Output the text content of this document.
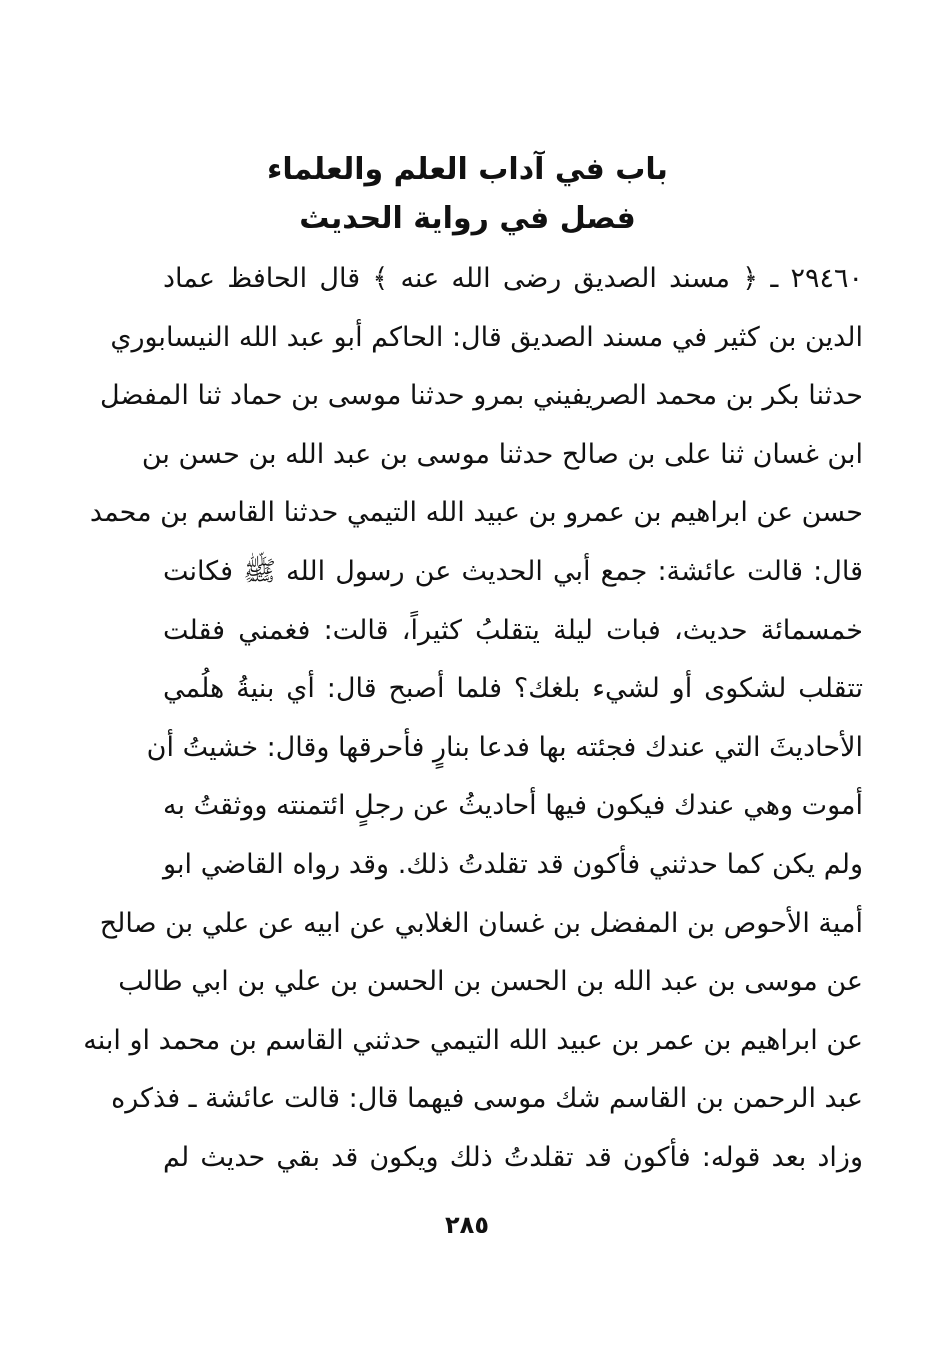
باب في آداب العلم والعلماء
فصل في رواية الحديث
٢٩٤٦٠ ـ ﴿ مسند الصديق رضى الله عنه ﴾ قال الحافظ عماد
الدين بن كثير في مسند الصديق قال: الحاكم أبو عبد الله النيسابوري
حدثنا بكر بن محمد الصريفيني بمرو حدثنا موسى بن حماد ثنا المفضل
ابن غسان ثنا على بن صالح حدثنا موسى بن عبد الله بن حسن بن
حسن عن ابراهيم بن عمرو بن عبيد الله التيمي حدثنا القاسم بن محمد
قال: قالت عائشة: جمع أبي الحديث عن رسول الله ﷺ فكانت
خمسمائة حديث، فبات ليلة يتقلبُ كثيراً، قالت: فغمني فقلت
تتقلب لشكوى أو لشيء بلغك؟ فلما أصبح قال: أي بنيةُ هلُمي
الأحاديثَ التي عندك فجئته بها فدعا بنارٍ فأحرقها وقال: خشيتُ أن
أموت وهي عندك فيكون فيها أحاديثُ عن رجلٍ ائتمنته ووثقتُ به
ولم يكن كما حدثني فأكون قد تقلدتُ ذلك. وقد رواه القاضي ابو
أمية الأحوص بن المفضل بن غسان الغلابي عن ابيه عن علي بن صالح
عن موسى بن عبد الله بن الحسن بن الحسن بن علي بن ابي طالب
عن ابراهيم بن عمر بن عبيد الله التيمي حدثني القاسم بن محمد او ابنه
عبد الرحمن بن القاسم شك موسى فيهما قال: قالت عائشة ـ فذكره
وزاد بعد قوله: فأكون قد تقلدتُ ذلك ويكون قد بقي حديث لم
٢٨٥
